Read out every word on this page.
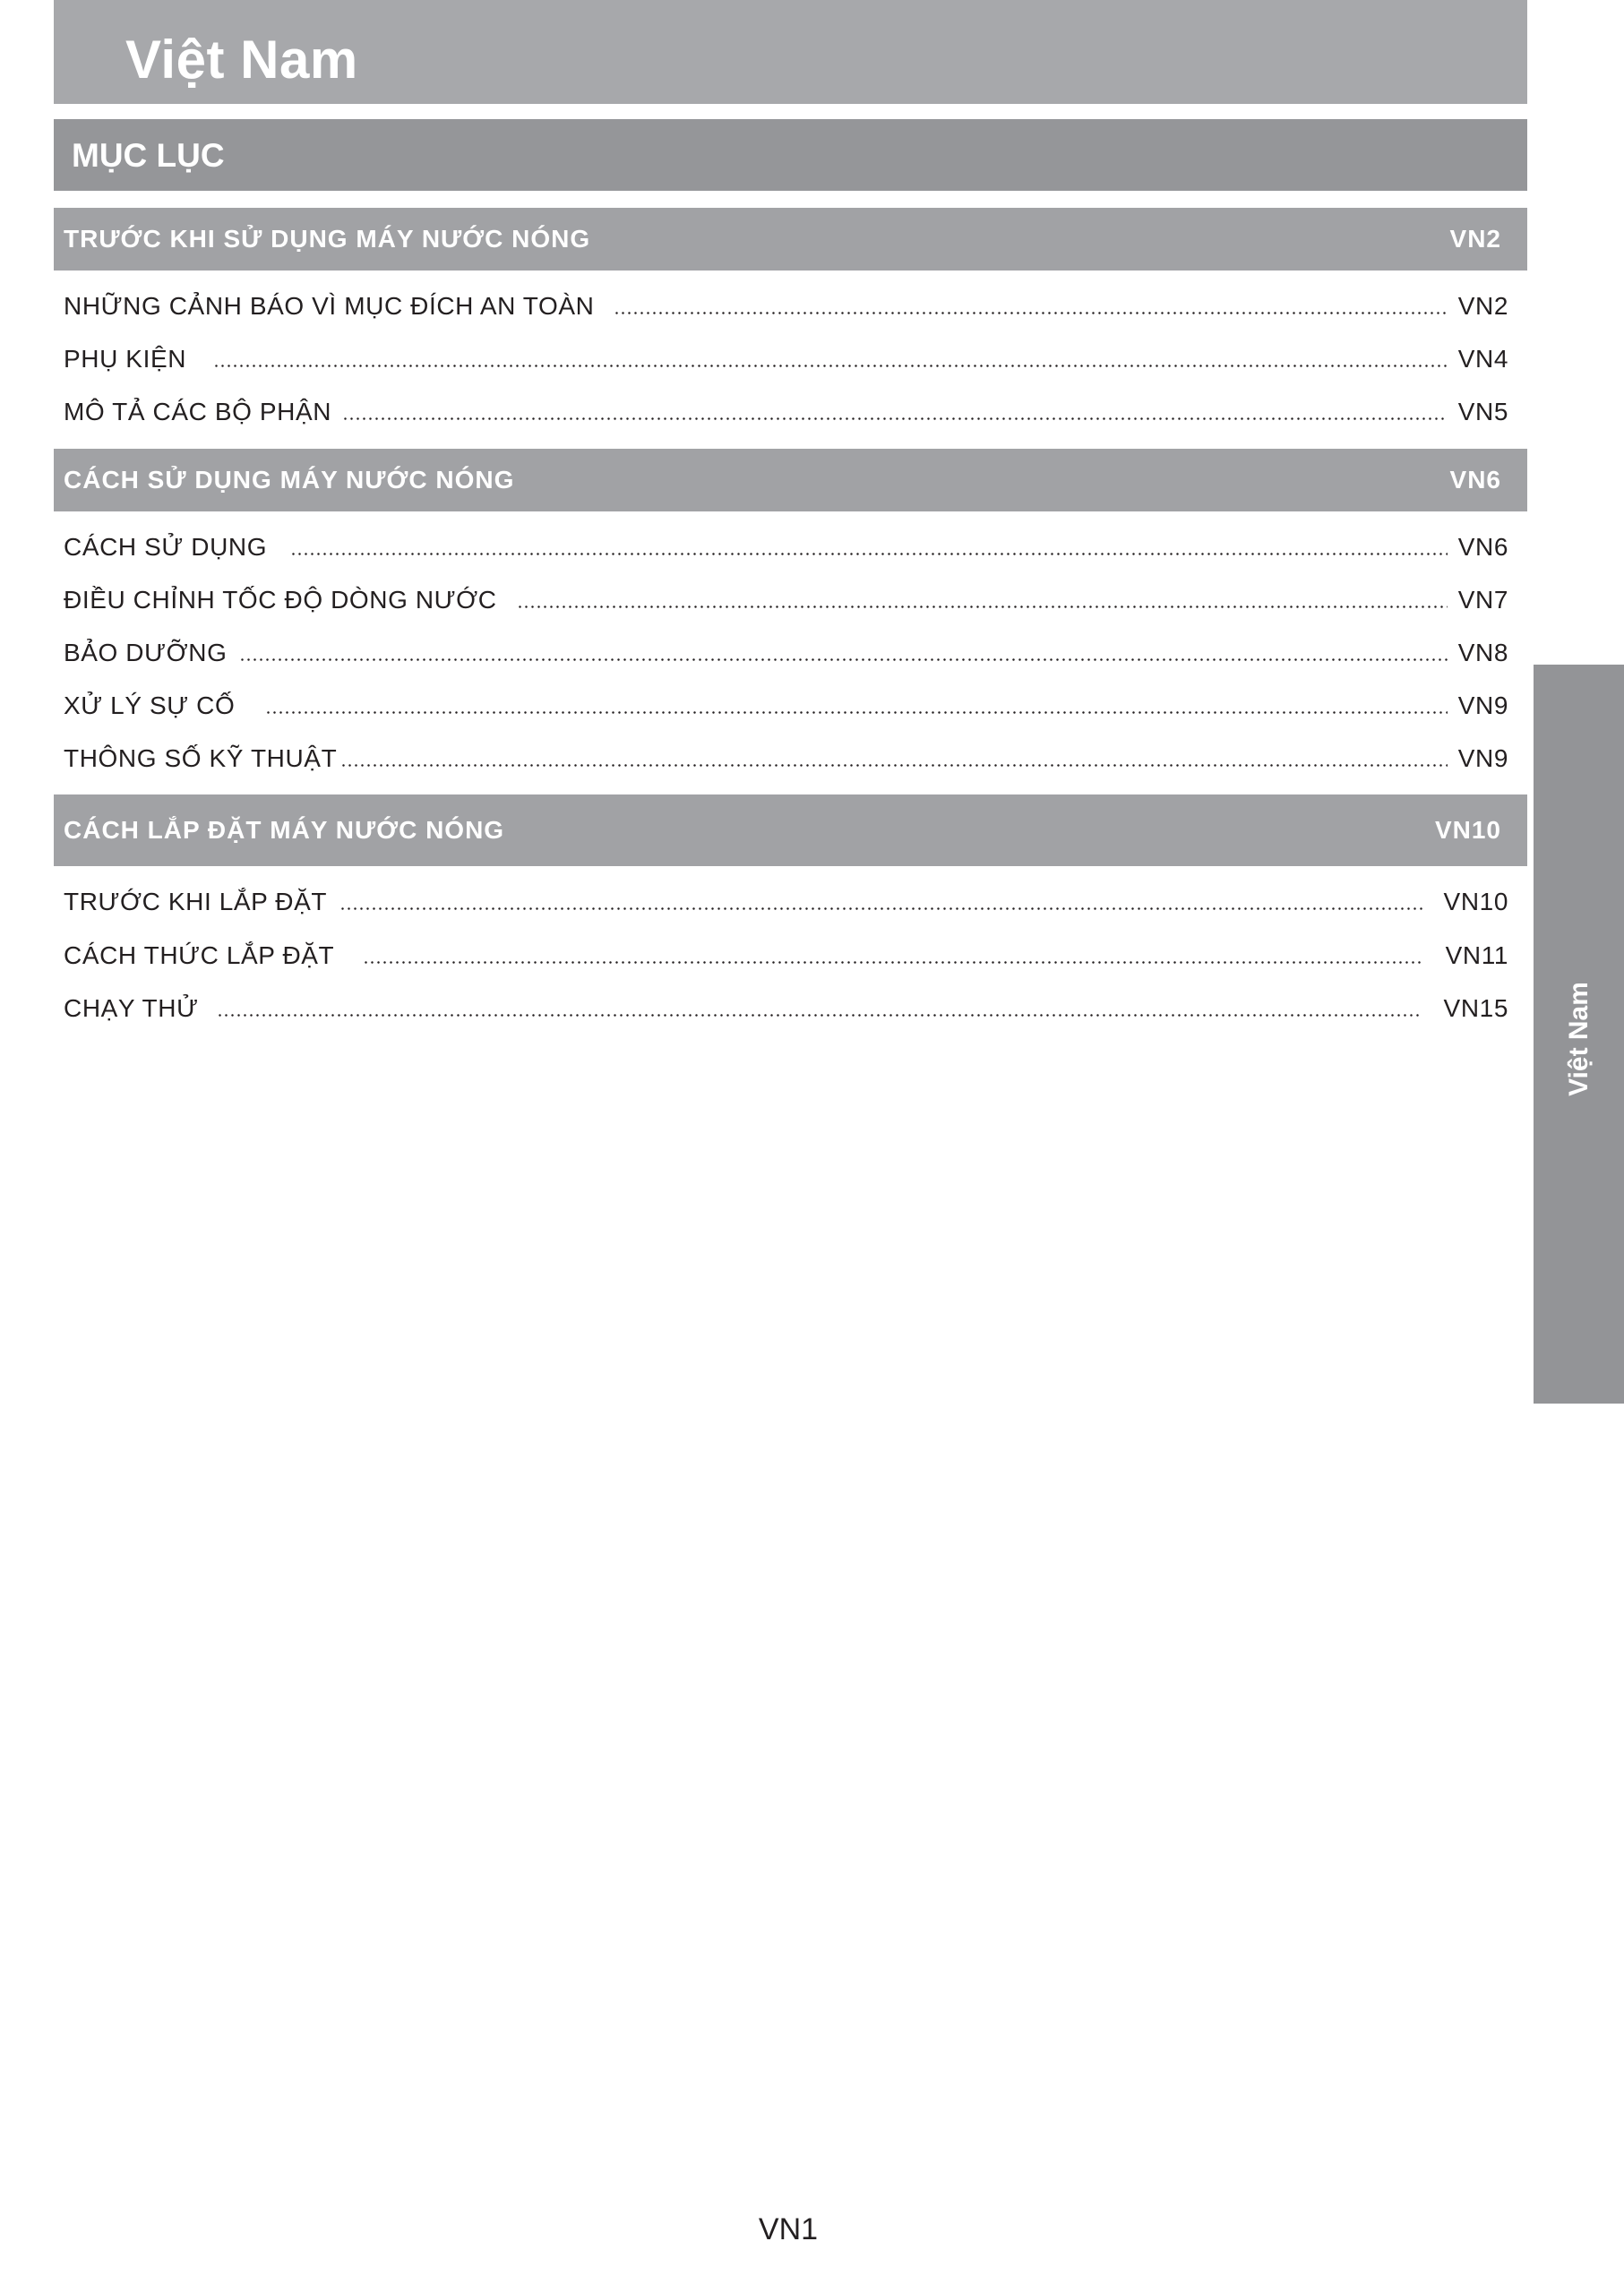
Việt Nam
MỤC LỤC
TRƯỚC KHI SỬ DỤNG MÁY NƯỚC NÓNG	VN2
NHỮNG CẢNH BÁO VÌ MỤC ĐÍCH AN TOÀN	VN2
PHỤ KIỆN	VN4
MÔ TẢ CÁC BỘ PHẬN	VN5
CÁCH SỬ DỤNG MÁY NƯỚC NÓNG	VN6
CÁCH SỬ DỤNG	VN6
ĐIỀU CHỈNH TỐC ĐỘ DÒNG NƯỚC	VN7
BẢO DƯỠNG	VN8
XỬ LÝ SỰ CỐ	VN9
THÔNG SỐ KỸ THUẬT	VN9
CÁCH LẮP ĐẶT MÁY NƯỚC NÓNG	VN10
TRƯỚC KHI LẮP ĐẶT	VN10
CÁCH THỨC LẮP ĐẶT	VN11
CHẠY THỬ	VN15 Việt Nam
VN1
